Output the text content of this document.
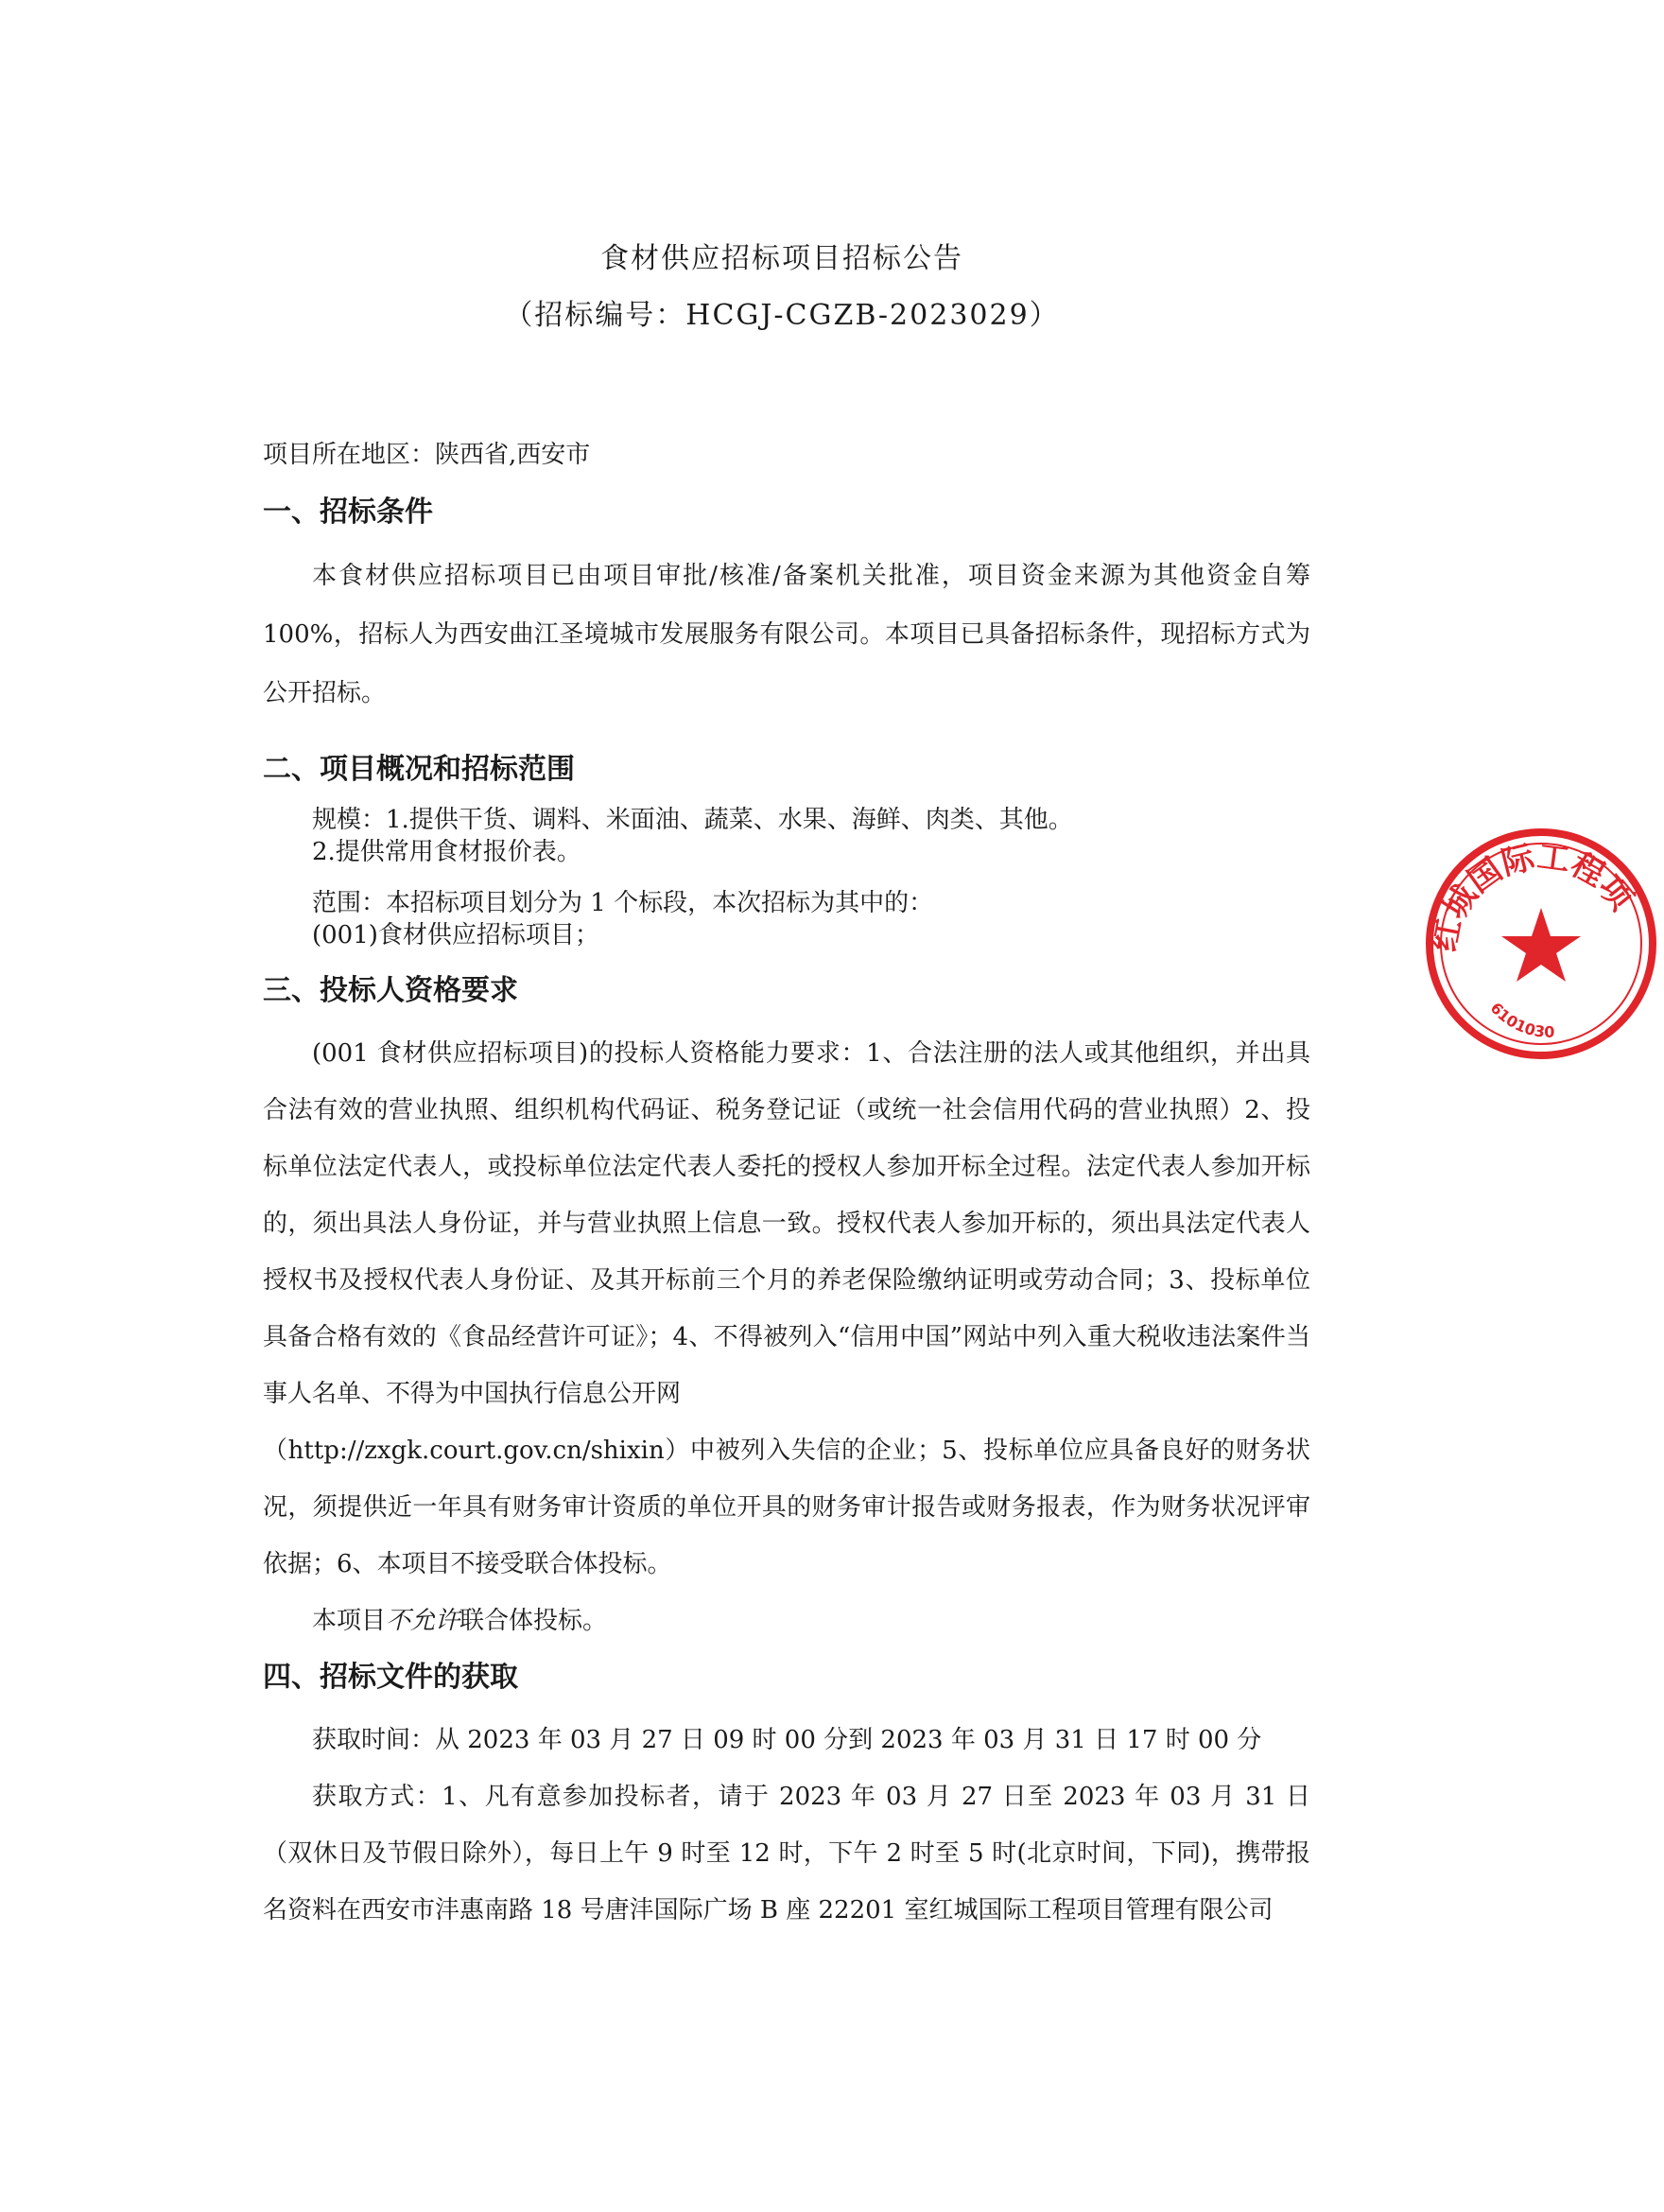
食材供应招标项目招标公告
（招标编号：HCGJ-CGZB-2023029）
项目所在地区：陕西省,西安市
一、招标条件

本食材供应招标项目已由项目审批/核准/备案机关批准，项目资金来源为其他资金自筹100%，招标人为西安曲江圣境城市发展服务有限公司。本项目已具备招标条件，现招标方式为公开招标。

二、项目概况和招标范围
规模：1.提供干货、调料、米面油、蔬菜、水果、海鲜、肉类、其他。
2.提供常用食材报价表。
范围：本招标项目划分为 1 个标段，本次招标为其中的：
(001)食材供应招标项目；
三、投标人资格要求

(001 食材供应招标项目)的投标人资格能力要求：1、合法注册的法人或其他组织，并出具合法有效的营业执照、组织机构代码证、税务登记证（或统一社会信用代码的营业执照）2、投标单位法定代表人，或投标单位法定代表人委托的授权人参加开标全过程。法定代表人参加开标的，须出具法人身份证，并与营业执照上信息一致。授权代表人参加开标的，须出具法定代表人授权书及授权代表人身份证、及其开标前三个月的养老保险缴纳证明或劳动合同；3、投标单位具备合格有效的《食品经营许可证》；4、不得被列入“信用中国”网站中列入重大税收违法案件当事人名单、不得为中国执行信息公开网

（http://zxgk.court.gov.cn/shixin）中被列入失信的企业；5、投标单位应具备良好的财务状况，须提供近一年具有财务审计资质的单位开具的财务审计报告或财务报表，作为财务状况评审依据；6、本项目不接受联合体投标。

本项目不允许联合体投标。

四、招标文件的获取

获取时间：从 2023 年 03 月 27 日 09 时 00 分到 2023 年 03 月 31 日 17 时 00 分

获取方式：1、凡有意参加投标者，请于 2023 年 03 月 27 日至 2023 年 03 月 31 日（双休日及节假日除外），每日上午 9 时至 12 时，下午 2 时至 5 时(北京时间，下同)，携带报名资料在西安市沣惠南路 18 号唐沣国际广场 B 座 22201 室红城国际工程项目管理有限公司

红城国际工程项
6101030
